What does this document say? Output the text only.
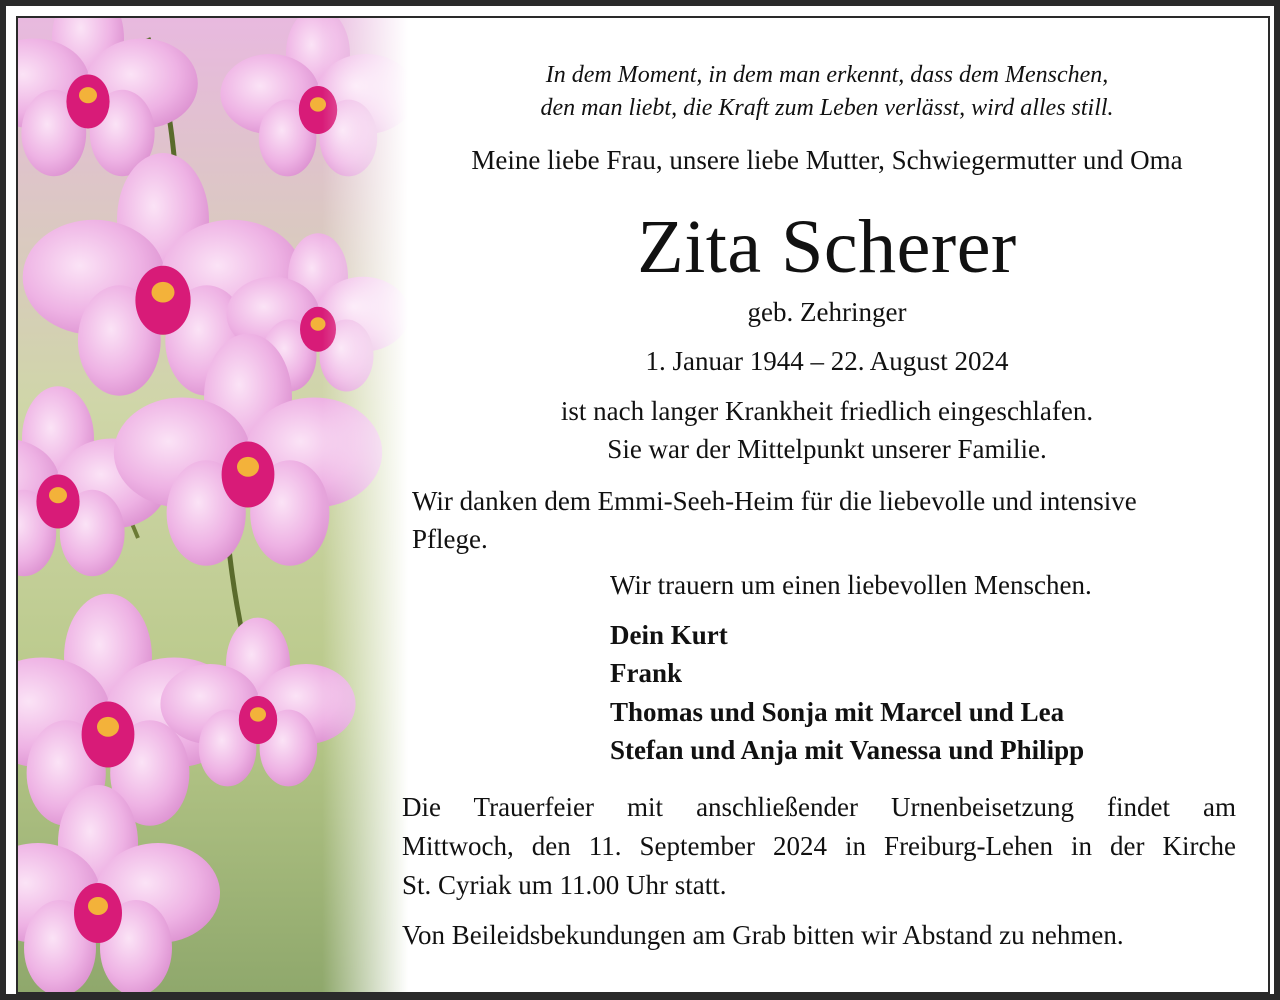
In dem Moment, in dem man erkennt, dass dem Menschen,
den man liebt, die Kraft zum Leben verlässt, wird alles still.
Meine liebe Frau, unsere liebe Mutter, Schwiegermutter und Oma
Zita Scherer
geb. Zehringer
1. Januar 1944 – 22. August 2024
ist nach langer Krankheit friedlich eingeschlafen.
Sie war der Mittelpunkt unserer Familie.
Wir danken dem Emmi-Seeh-Heim für die liebevolle und intensive
Pflege.
Wir trauern um einen liebevollen Menschen.
Dein Kurt
Frank
Thomas und Sonja mit Marcel und Lea
Stefan und Anja mit Vanessa und Philipp
Die Trauerfeier mit anschließender Urnenbeisetzung findet am
Mittwoch, den 11. September 2024 in Freiburg-Lehen in der Kirche
St. Cyriak um 11.00 Uhr statt.
Von Beileidsbekundungen am Grab bitten wir Abstand zu nehmen.
